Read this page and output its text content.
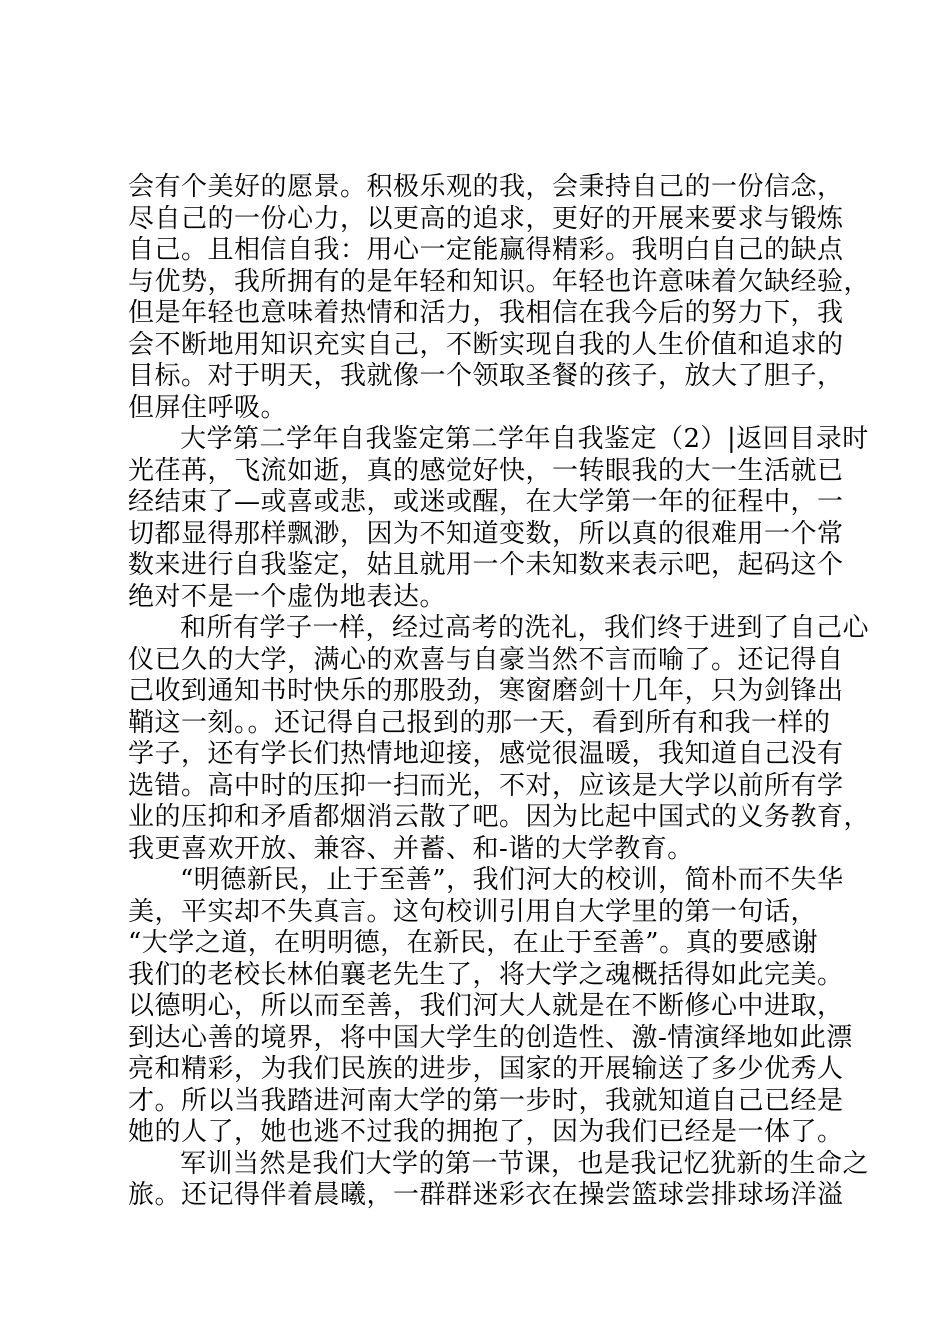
会有个美好的愿景。积极乐观的我，会秉持自己的一份信念，
尽自己的一份心力，以更高的追求，更好的开展来要求与锻炼
自己。且相信自我：用心一定能赢得精彩。我明白自己的缺点
与优势，我所拥有的是年轻和知识。年轻也许意味着欠缺经验，
但是年轻也意味着热情和活力，我相信在我今后的努力下，我
会不断地用知识充实自己，不断实现自我的人生价值和追求的
目标。对于明天，我就像一个领取圣餐的孩子，放大了胆子，
但屏住呼吸。
大学第二学年自我鉴定第二学年自我鉴定（2）|返回目录时
光荏苒，飞流如逝，真的感觉好快，一转眼我的大一生活就已
经结束了—或喜或悲，或迷或醒，在大学第一年的征程中，一
切都显得那样飘渺，因为不知道变数，所以真的很难用一个常
数来进行自我鉴定，姑且就用一个未知数来表示吧，起码这个
绝对不是一个虚伪地表达。
和所有学子一样，经过高考的洗礼，我们终于进到了自己心
仪已久的大学，满心的欢喜与自豪当然不言而喻了。还记得自
己收到通知书时快乐的那股劲，寒窗磨剑十几年，只为剑锋出
鞘这一刻。。还记得自己报到的那一天，看到所有和我一样的
学子，还有学长们热情地迎接，感觉很温暖，我知道自己没有
选错。高中时的压抑一扫而光，不对，应该是大学以前所有学
业的压抑和矛盾都烟消云散了吧。因为比起中国式的义务教育，
我更喜欢开放、兼容、并蓄、和-谐的大学教育。
“明德新民，止于至善”，我们河大的校训，简朴而不失华
美，平实却不失真言。这句校训引用自大学里的第一句话，
“大学之道，在明明德，在新民，在止于至善”。真的要感谢
我们的老校长林伯襄老先生了，将大学之魂概括得如此完美。
以德明心，所以而至善，我们河大人就是在不断修心中进取，
到达心善的境界，将中国大学生的创造性、激-情演绎地如此漂
亮和精彩，为我们民族的进步，国家的开展输送了多少优秀人
才。所以当我踏进河南大学的第一步时，我就知道自己已经是
她的人了，她也逃不过我的拥抱了，因为我们已经是一体了。
军训当然是我们大学的第一节课，也是我记忆犹新的生命之
旅。还记得伴着晨曦，一群群迷彩衣在操尝篮球尝排球场洋溢
